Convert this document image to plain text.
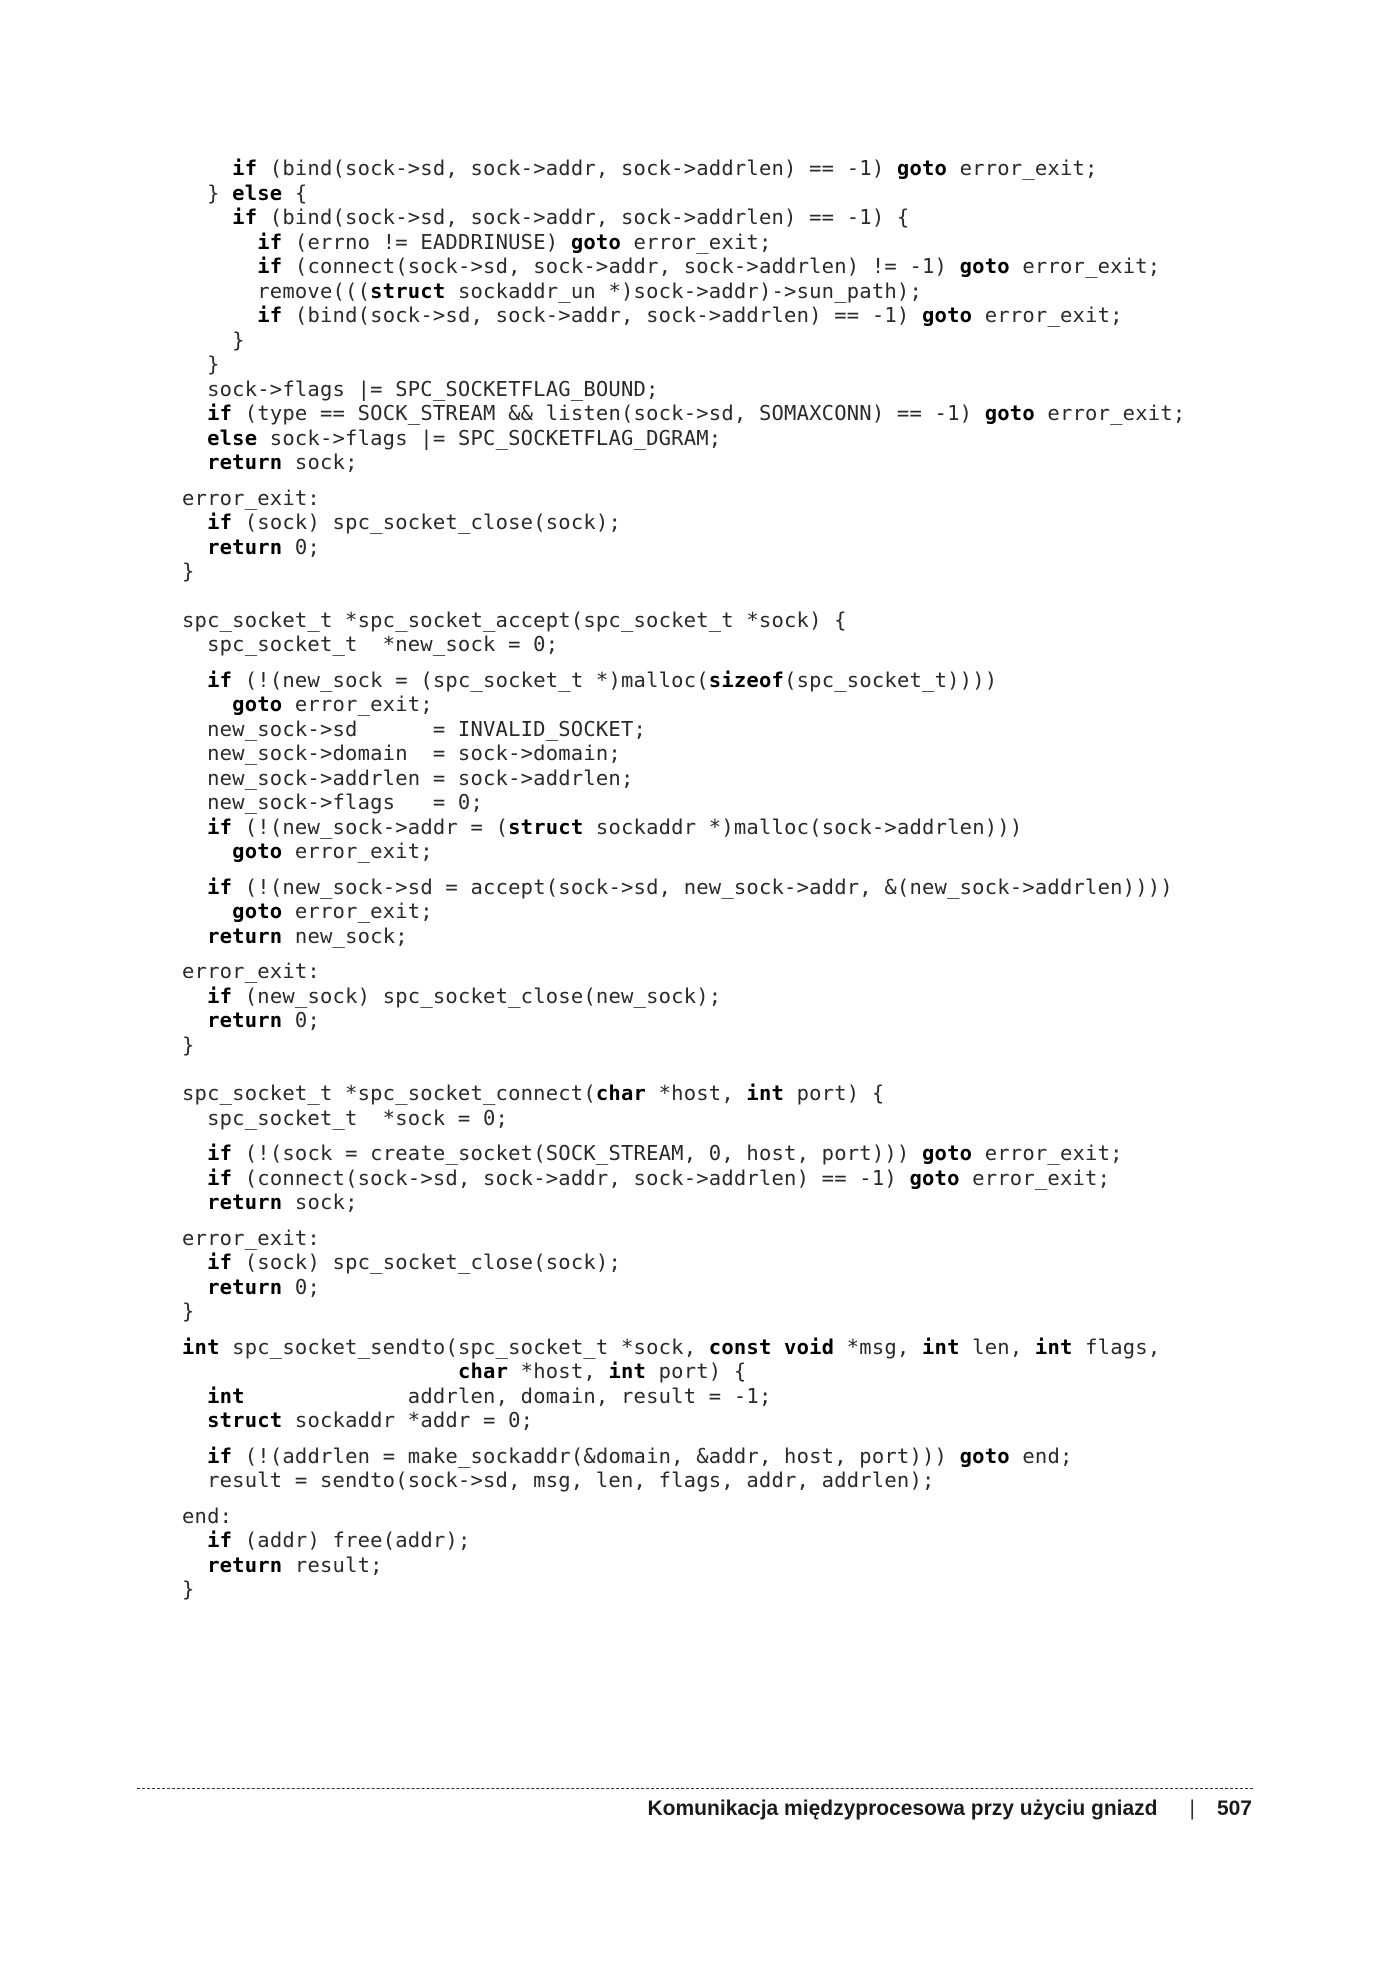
if (bind(sock->sd, sock->addr, sock->addrlen) == -1) goto error_exit;
} else {
if (bind(sock->sd, sock->addr, sock->addrlen) == -1) {
if (errno != EADDRINUSE) goto error_exit;
if (connect(sock->sd, sock->addr, sock->addrlen) != -1) goto error_exit;
remove(((struct sockaddr_un *)sock->addr)->sun_path);
if (bind(sock->sd, sock->addr, sock->addrlen) == -1) goto error_exit;
}
}
sock->flags |= SPC_SOCKETFLAG_BOUND;
if (type == SOCK_STREAM && listen(sock->sd, SOMAXCONN) == -1) goto error_exit;
else sock->flags |= SPC_SOCKETFLAG_DGRAM;
return sock;
error_exit:
if (sock) spc_socket_close(sock);
return 0;
}
spc_socket_t *spc_socket_accept(spc_socket_t *sock) {
spc_socket_t  *new_sock = 0;
if (!(new_sock = (spc_socket_t *)malloc(sizeof(spc_socket_t))))
goto error_exit;
new_sock->sd      = INVALID_SOCKET;
new_sock->domain  = sock->domain;
new_sock->addrlen = sock->addrlen;
new_sock->flags   = 0;
if (!(new_sock->addr = (struct sockaddr *)malloc(sock->addrlen)))
goto error_exit;
if (!(new_sock->sd = accept(sock->sd, new_sock->addr, &(new_sock->addrlen))))
goto error_exit;
return new_sock;
error_exit:
if (new_sock) spc_socket_close(new_sock);
return 0;
}
spc_socket_t *spc_socket_connect(char *host, int port) {
spc_socket_t  *sock = 0;
if (!(sock = create_socket(SOCK_STREAM, 0, host, port))) goto error_exit;
if (connect(sock->sd, sock->addr, sock->addrlen) == -1) goto error_exit;
return sock;
error_exit:
if (sock) spc_socket_close(sock);
return 0;
}
int spc_socket_sendto(spc_socket_t *sock, const void *msg, int len, int flags,
char *host, int port) {
int             addrlen, domain, result = -1;
struct sockaddr *addr = 0;
if (!(addrlen = make_sockaddr(&domain, &addr, host, port))) goto end;
result = sendto(sock->sd, msg, len, flags, addr, addrlen);
end:
if (addr) free(addr);
return result;
}
Komunikacja międzyprocesowa przy użyciu gniazd | 507
